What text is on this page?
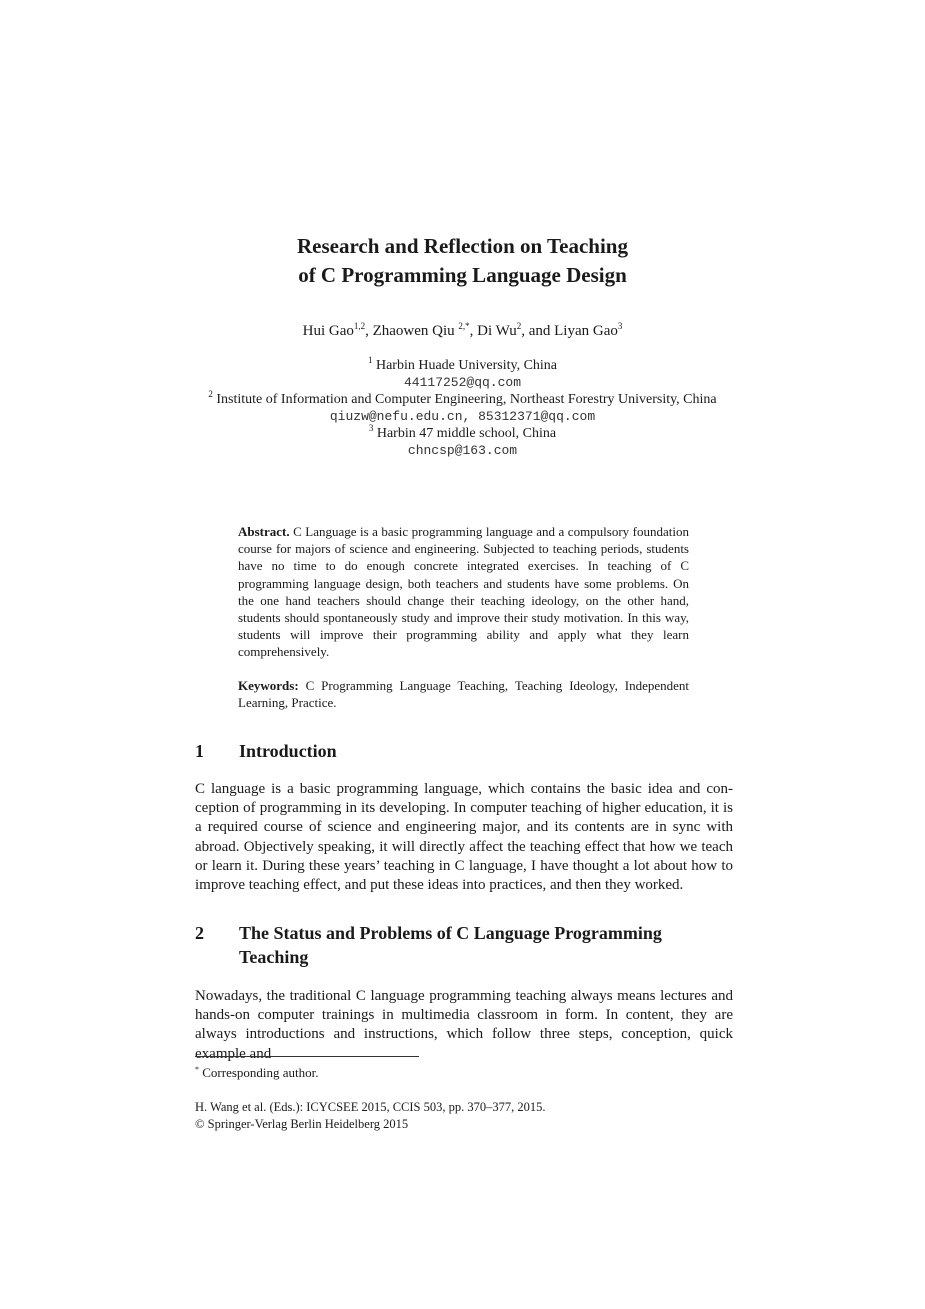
Research and Reflection on Teaching
of C Programming Language Design
Hui Gao$^{1,2}$, Zhaowen Qiu $^{2,*}$, Di Wu$^2$, and Liyan Gao$^3$
$^1$ Harbin Huade University, China
44117252@qq.com
$^2$ Institute of Information and Computer Engineering, Northeast Forestry University, China
qiuzw@nefu.edu.cn, 85312371@qq.com
$^3$ Harbin 47 middle school, China
chncsp@163.com
Abstract. C Language is a basic programming language and a compulsory foundation course for majors of science and engineering. Subjected to teaching periods, students have no time to do enough concrete integrated exercises. In teaching of C programming language design, both teachers and students have some problems. On the one hand teachers should change their teaching ideology, on the other hand, students should spontaneously study and improve their study motivation. In this way, students will improve their programming ability and apply what they learn comprehensively.
Keywords: C Programming Language Teaching, Teaching Ideology, Independent Learning, Practice.
1 Introduction
C language is a basic programming language, which contains the basic idea and conception of programming in its developing. In computer teaching of higher education, it is a required course of science and engineering major, and its contents are in sync with abroad. Objectively speaking, it will directly affect the teaching effect that how we teach or learn it. During these years’ teaching in C language, I have thought a lot about how to improve teaching effect, and put these ideas into practices, and then they worked.
2 The Status and Problems of C Language Programming Teaching
Nowadays, the traditional C language programming teaching always means lectures and hands-on computer trainings in multimedia classroom in form. In content, they are always introductions and instructions, which follow three steps, conception, quick example and
* Corresponding author.
H. Wang et al. (Eds.): ICYCSEE 2015, CCIS 503, pp. 370–377, 2015.
© Springer-Verlag Berlin Heidelberg 2015
